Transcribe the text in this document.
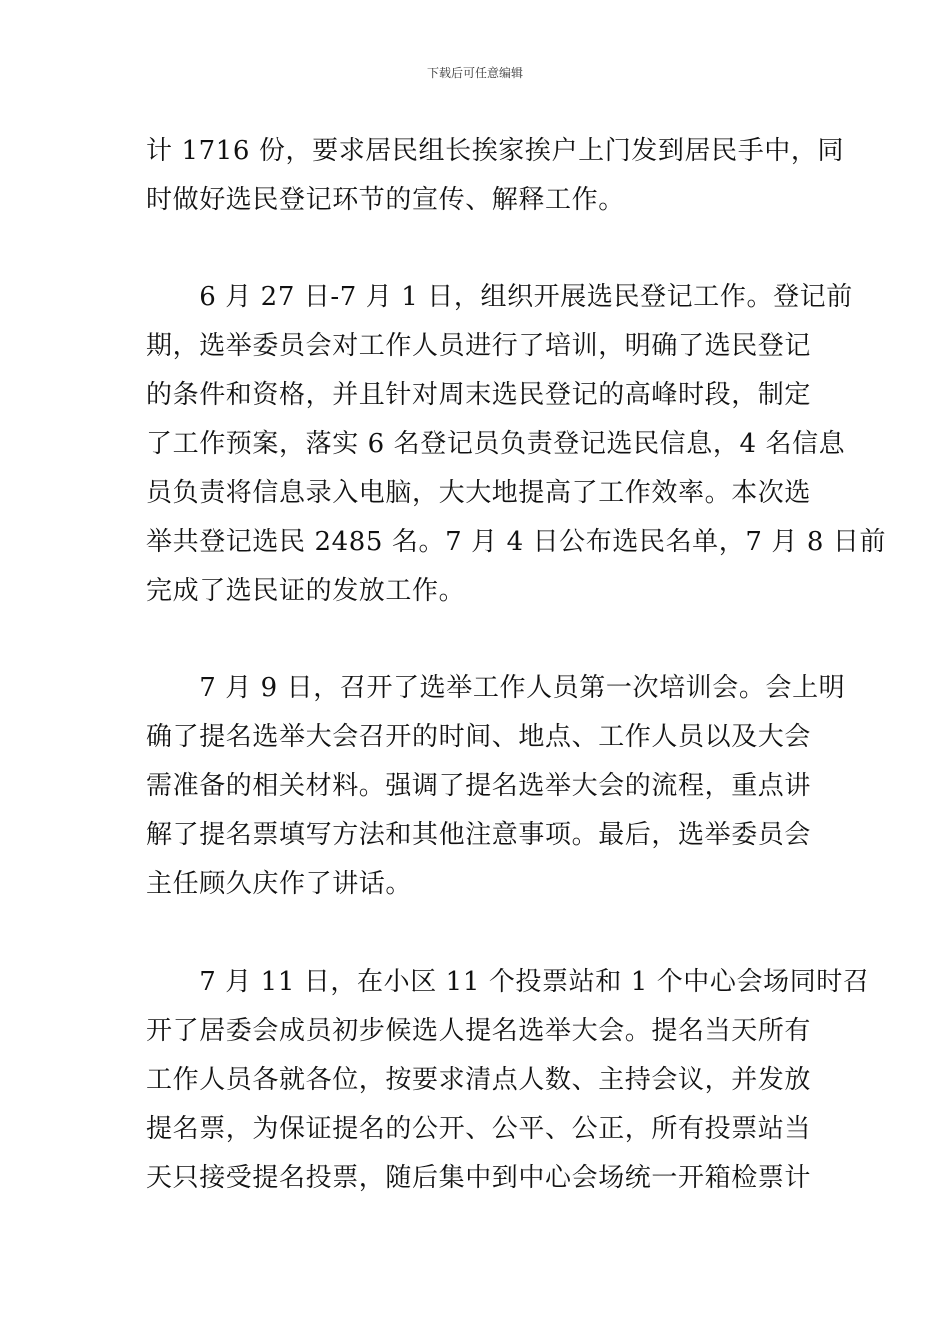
下载后可任意编辑
计 1716 份，要求居民组长挨家挨户上门发到居民手中，同
时做好选民登记环节的宣传、解释工作。
　　6 月 27 日-7 月 1 日，组织开展选民登记工作。登记前
期，选举委员会对工作人员进行了培训，明确了选民登记
的条件和资格，并且针对周末选民登记的高峰时段，制定
了工作预案，落实 6 名登记员负责登记选民信息，4 名信息
员负责将信息录入电脑，大大地提高了工作效率。本次选
举共登记选民 2485 名。7 月 4 日公布选民名单，7 月 8 日前
完成了选民证的发放工作。
　　7 月 9 日，召开了选举工作人员第一次培训会。会上明
确了提名选举大会召开的时间、地点、工作人员以及大会
需准备的相关材料。强调了提名选举大会的流程，重点讲
解了提名票填写方法和其他注意事项。最后，选举委员会
主任顾久庆作了讲话。
　　7 月 11 日，在小区 11 个投票站和 1 个中心会场同时召
开了居委会成员初步候选人提名选举大会。提名当天所有
工作人员各就各位，按要求清点人数、主持会议，并发放
提名票，为保证提名的公开、公平、公正，所有投票站当
天只接受提名投票，随后集中到中心会场统一开箱检票计
